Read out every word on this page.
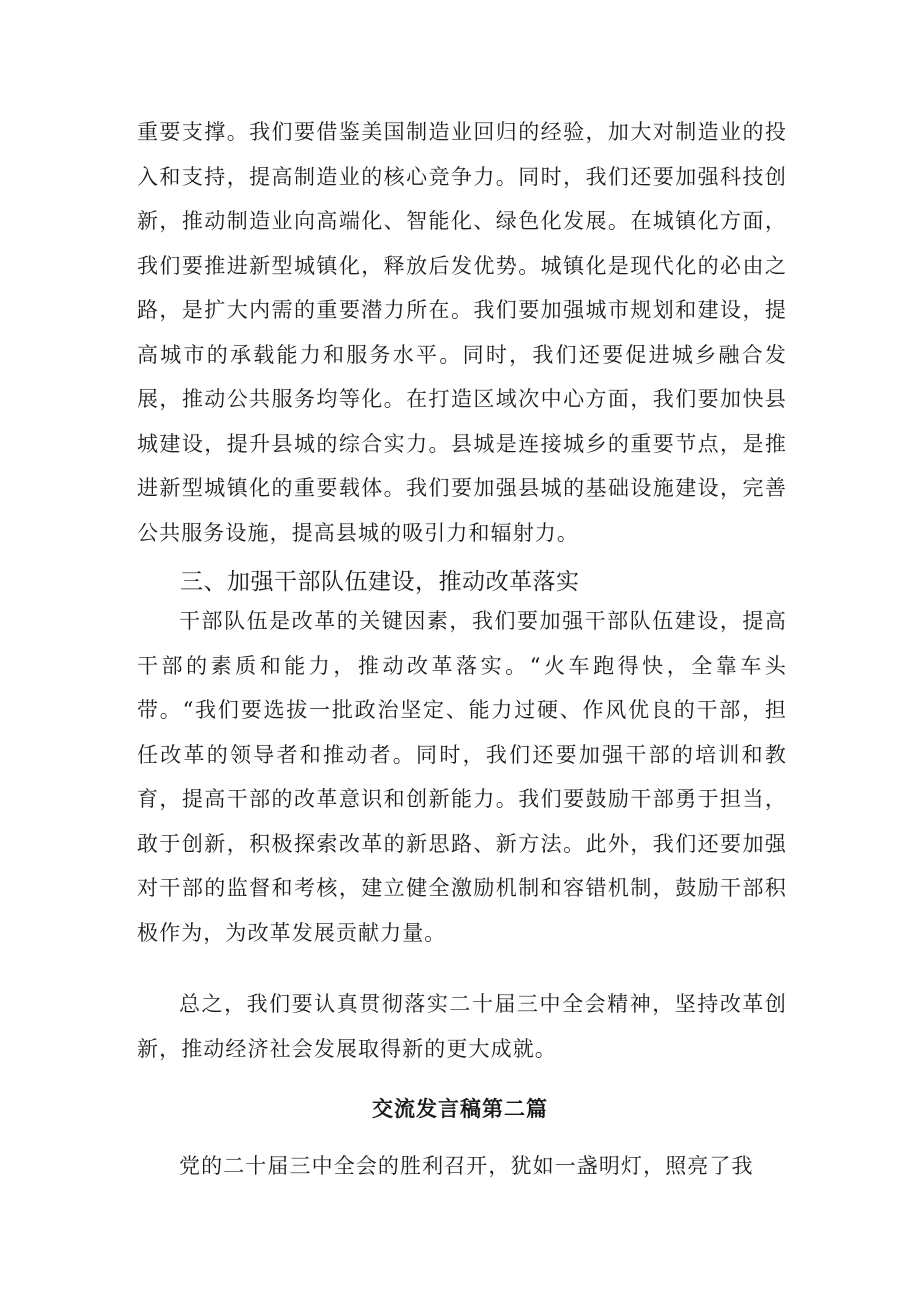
重要支撑。我们要借鉴美国制造业回归的经验，加大对制造业的投入和支持，提高制造业的核心竞争力。同时，我们还要加强科技创新，推动制造业向高端化、智能化、绿色化发展。在城镇化方面，我们要推进新型城镇化，释放后发优势。城镇化是现代化的必由之路，是扩大内需的重要潜力所在。我们要加强城市规划和建设，提高城市的承载能力和服务水平。同时，我们还要促进城乡融合发展，推动公共服务均等化。在打造区域次中心方面，我们要加快县城建设，提升县城的综合实力。县城是连接城乡的重要节点，是推进新型城镇化的重要载体。我们要加强县城的基础设施建设，完善公共服务设施，提高县城的吸引力和辐射力。

三、加强干部队伍建设，推动改革落实

干部队伍是改革的关键因素，我们要加强干部队伍建设，提高干部的素质和能力，推动改革落实。“火车跑得快，全靠车头带。“我们要选拔一批政治坚定、能力过硬、作风优良的干部，担任改革的领导者和推动者。同时，我们还要加强干部的培训和教育，提高干部的改革意识和创新能力。我们要鼓励干部勇于担当，敢于创新，积极探索改革的新思路、新方法。此外，我们还要加强对干部的监督和考核，建立健全激励机制和容错机制，鼓励干部积极作为，为改革发展贡献力量。

总之，我们要认真贯彻落实二十届三中全会精神，坚持改革创新，推动经济社会发展取得新的更大成就。

交流发言稿第二篇

党的二十届三中全会的胜利召开，犹如一盏明灯，照亮了我
